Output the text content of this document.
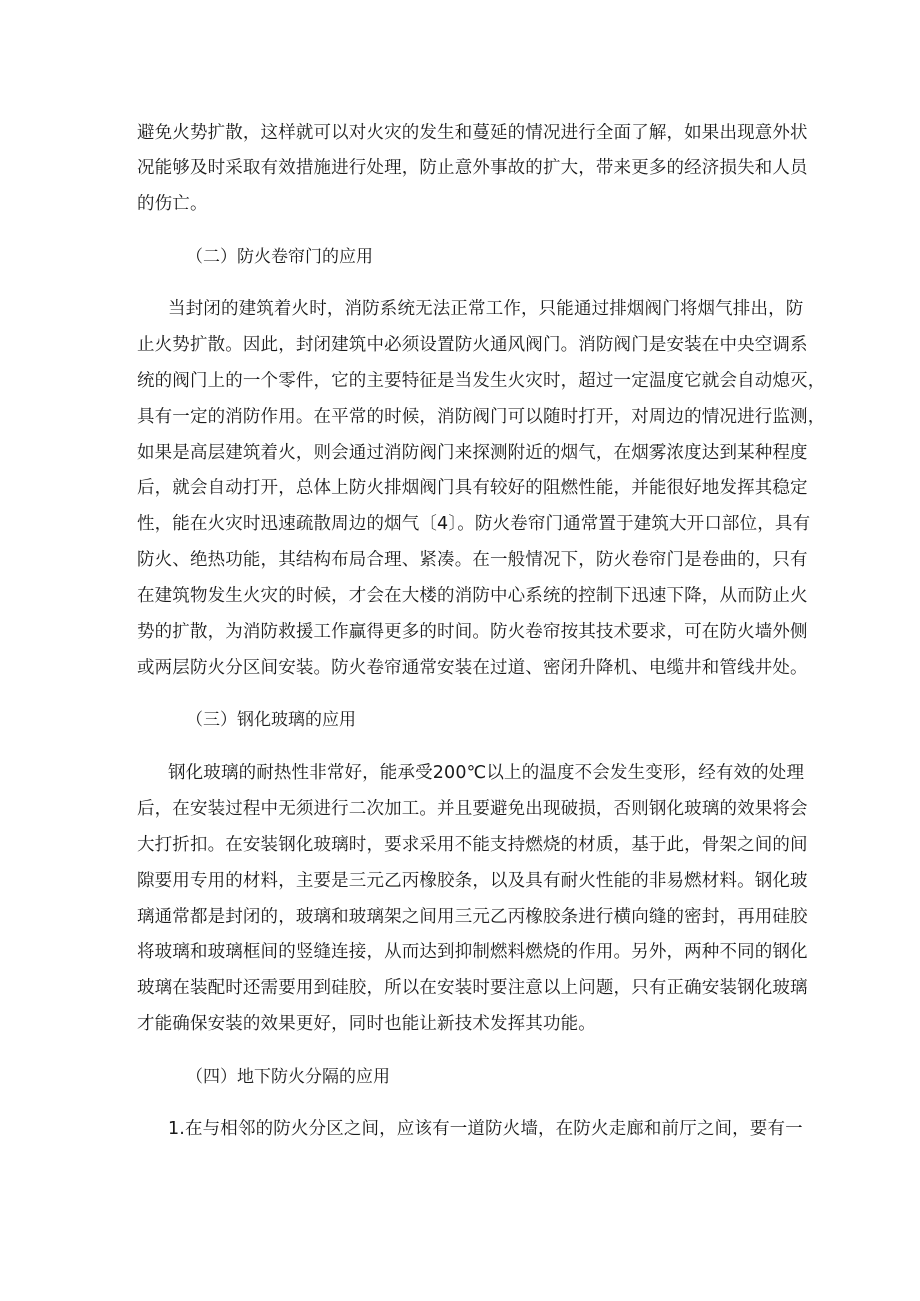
避免火势扩散，这样就可以对火灾的发生和蔓延的情况进行全面了解，如果出现意外状
况能够及时采取有效措施进行处理，防止意外事故的扩大，带来更多的经济损失和人员
的伤亡。
（二）防火卷帘门的应用
当封闭的建筑着火时，消防系统无法正常工作，只能通过排烟阀门将烟气排出，防
止火势扩散。因此，封闭建筑中必须设置防火通风阀门。消防阀门是安装在中央空调系
统的阀门上的一个零件，它的主要特征是当发生火灾时，超过一定温度它就会自动熄灭，
具有一定的消防作用。在平常的时候，消防阀门可以随时打开，对周边的情况进行监测，
如果是高层建筑着火，则会通过消防阀门来探测附近的烟气，在烟雾浓度达到某种程度
后，就会自动打开，总体上防火排烟阀门具有较好的阻燃性能，并能很好地发挥其稳定
性，能在火灾时迅速疏散周边的烟气〔4〕。防火卷帘门通常置于建筑大开口部位，具有
防火、绝热功能，其结构布局合理、紧凑。在一般情况下，防火卷帘门是卷曲的，只有
在建筑物发生火灾的时候，才会在大楼的消防中心系统的控制下迅速下降，从而防止火
势的扩散，为消防救援工作赢得更多的时间。防火卷帘按其技术要求，可在防火墙外侧
或两层防火分区间安装。防火卷帘通常安装在过道、密闭升降机、电缆井和管线井处。
（三）钢化玻璃的应用
钢化玻璃的耐热性非常好，能承受200℃以上的温度不会发生变形，经有效的处理
后，在安装过程中无须进行二次加工。并且要避免出现破损，否则钢化玻璃的效果将会
大打折扣。在安装钢化玻璃时，要求采用不能支持燃烧的材质，基于此，骨架之间的间
隙要用专用的材料，主要是三元乙丙橡胶条，以及具有耐火性能的非易燃材料。钢化玻
璃通常都是封闭的，玻璃和玻璃架之间用三元乙丙橡胶条进行横向缝的密封，再用硅胶
将玻璃和玻璃框间的竖缝连接，从而达到抑制燃料燃烧的作用。另外，两种不同的钢化
玻璃在装配时还需要用到硅胶，所以在安装时要注意以上问题，只有正确安装钢化玻璃
才能确保安装的效果更好，同时也能让新技术发挥其功能。
（四）地下防火分隔的应用
1.在与相邻的防火分区之间，应该有一道防火墙，在防火走廊和前厅之间，要有一
